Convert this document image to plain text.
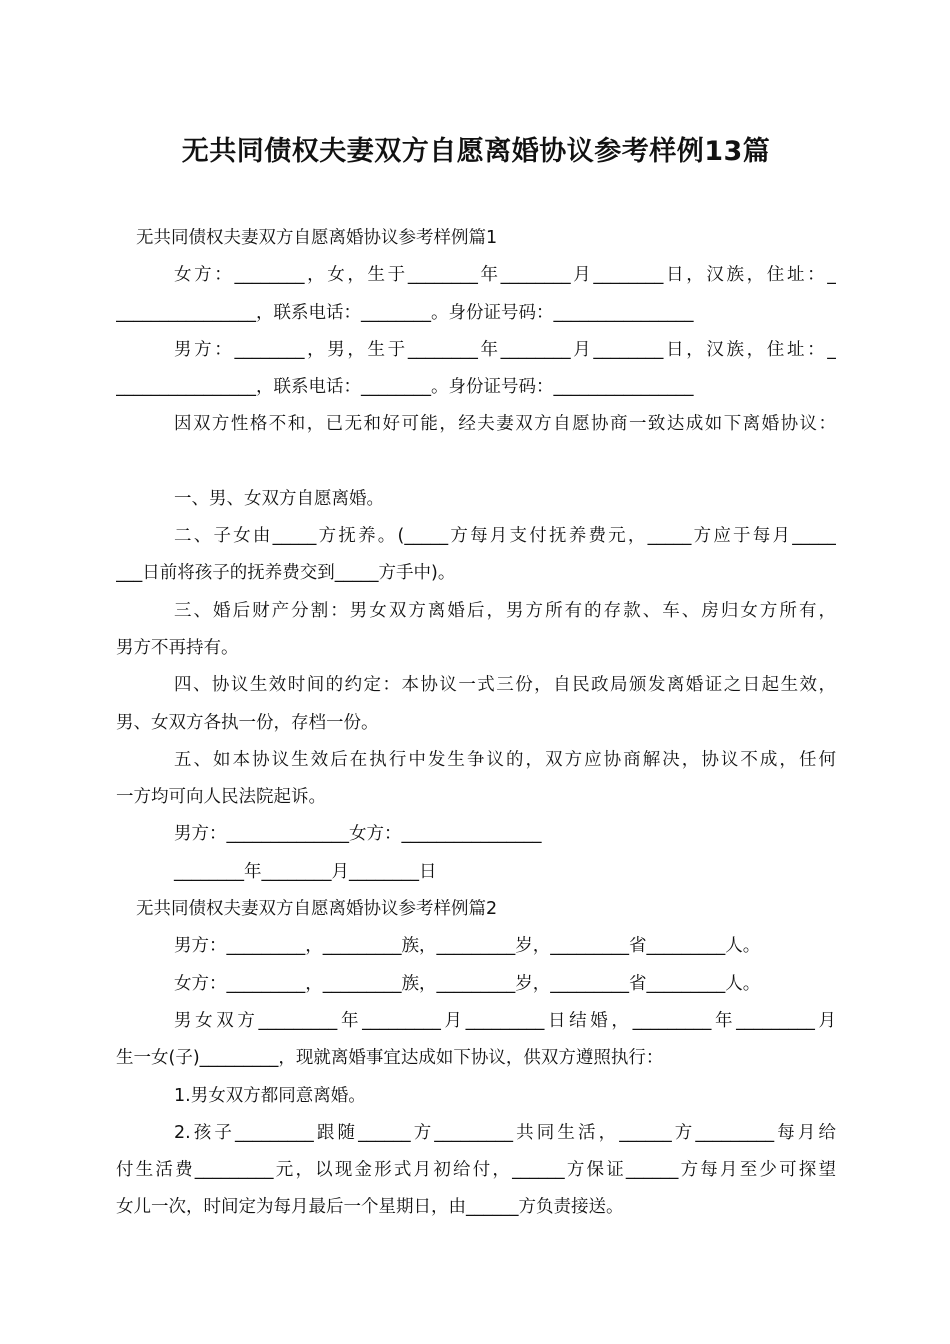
无共同债权夫妻双方自愿离婚协议参考样例13篇
无共同债权夫妻双方自愿离婚协议参考样例篇1
女方：________，女，生于________年________月________日，汉族，住址：_
________________，联系电话：________。身份证号码：________________
男方：________，男，生于________年________月________日，汉族，住址：_
________________，联系电话：________。身份证号码：________________
因双方性格不和，已无和好可能，经夫妻双方自愿协商一致达成如下离婚协议：
一、男、女双方自愿离婚。
二、子女由_____方抚养。(_____方每月支付抚养费元，_____方应于每月_____
___日前将孩子的抚养费交到_____方手中)。
三、婚后财产分割：男女双方离婚后，男方所有的存款、车、房归女方所有，
男方不再持有。
四、协议生效时间的约定：本协议一式三份，自民政局颁发离婚证之日起生效，
男、女双方各执一份，存档一份。
五、如本协议生效后在执行中发生争议的，双方应协商解决，协议不成，任何
一方均可向人民法院起诉。
男方：______________女方：________________
________年________月________日
无共同债权夫妻双方自愿离婚协议参考样例篇2
男方：_________，_________族，_________岁，_________省_________人。
女方：_________，_________族，_________岁，_________省_________人。
男女双方_________年_________月_________日结婚，_________年_________月
生一女(子)_________，现就离婚事宜达成如下协议，供双方遵照执行：
1.男女双方都同意离婚。
2.孩子_________跟随______方_________共同生活，______方_________每月给
付生活费_________元，以现金形式月初给付，______方保证______方每月至少可探望
女儿一次，时间定为每月最后一个星期日，由______方负责接送。
